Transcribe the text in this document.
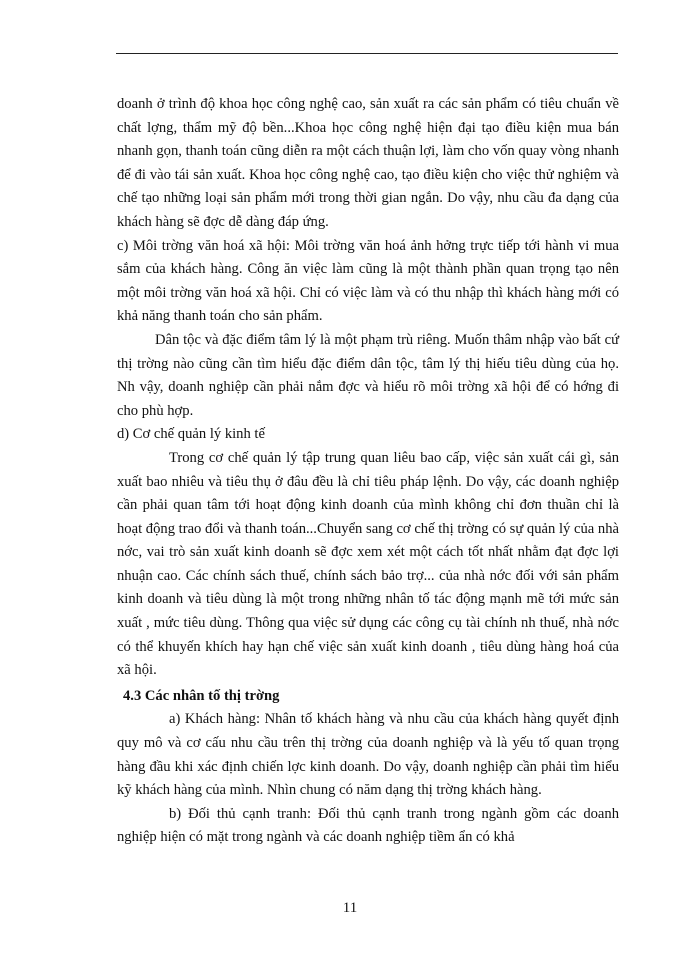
doanh ở trình độ khoa học công nghệ cao, sản xuất ra các sản phẩm có tiêu chuẩn về chất lợng, thẩm mỹ độ bền...Khoa học công nghệ hiện đại tạo điều kiện mua bán nhanh gọn, thanh toán cũng diễn ra một cách thuận lợi, làm cho vốn quay vòng nhanh để đi vào tái sản xuất. Khoa học công nghệ cao, tạo điều kiện cho việc thử nghiệm và chế tạo những loại sản phẩm mới trong thời gian ngắn. Do vậy, nhu cầu đa dạng của khách hàng sẽ đợc dễ dàng đáp ứng.

c) Môi trờng văn hoá xã hội: Môi trờng văn hoá ảnh hởng trực tiếp tới hành vi mua sắm của khách hàng. Công ăn việc làm cũng là một thành phần quan trọng tạo nên một môi trờng văn hoá xã hội. Chỉ có việc làm và có thu nhập thì khách hàng mới có khả năng thanh toán cho sản phẩm.

Dân tộc và đặc điểm tâm lý là một phạm trù riêng. Muốn thâm nhập vào bất cứ thị trờng nào cũng cần tìm hiểu đặc điểm dân tộc, tâm lý thị hiếu tiêu dùng của họ. Nh vậy, doanh nghiệp cần phải nắm đợc và hiểu rõ môi trờng xã hội để có hớng đi cho phù hợp.

d) Cơ chế quản lý kinh tế

Trong cơ chế quản lý tập trung quan liêu bao cấp, việc sản xuất cái gì, sản xuất bao nhiêu và tiêu thụ ở đâu đều là chỉ tiêu pháp lệnh. Do vậy, các doanh nghiệp cần phải quan tâm tới hoạt động kinh doanh của mình không chỉ đơn thuần chỉ là hoạt động trao đổi và thanh toán...Chuyển sang cơ chế thị trờng có sự quản lý của nhà nớc, vai trò sản xuất kinh doanh sẽ đợc xem xét một cách tốt nhất nhằm đạt đợc lợi nhuận cao. Các chính sách thuế, chính sách bảo trợ... của nhà nớc đối với sản phẩm kinh doanh và tiêu dùng là một trong những nhân tố tác động mạnh mẽ tới mức sản xuất , mức tiêu dùng. Thông qua việc sử dụng các công cụ tài chính nh thuế, nhà nớc có thể khuyến khích hay hạn chế việc sản xuất kinh doanh , tiêu dùng hàng hoá của xã hội.

4.3 Các nhân tố thị trờng

a) Khách hàng: Nhân tố khách hàng và nhu cầu của khách hàng quyết định quy mô và cơ cấu nhu cầu trên thị trờng của doanh nghiệp và là yếu tố quan trọng hàng đầu khi xác định chiến lợc kinh doanh. Do vậy, doanh nghiệp cần phải tìm hiểu kỹ khách hàng của mình. Nhìn chung có năm dạng thị trờng khách hàng.

b) Đối thủ cạnh tranh: Đối thủ cạnh tranh trong ngành gồm các doanh nghiệp hiện có mặt trong ngành và các doanh nghiệp tiềm ẩn có khả

11
